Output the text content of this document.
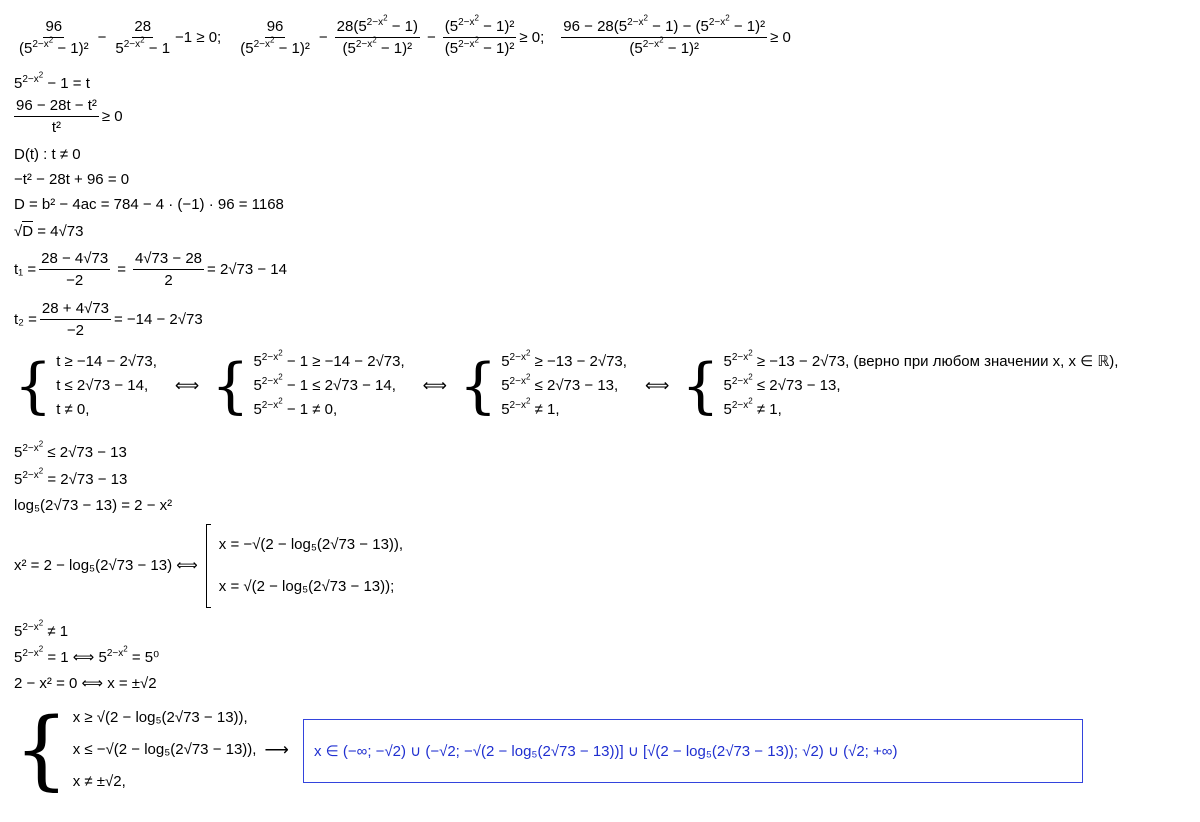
$\frac{96}{(5^{2-x^2} - 1)^2} - \frac{28}{5^{2-x^2} - 1} -1 \ge 0$; $\frac{96}{(5^{2-x^2} - 1)^2} - \frac{28(5^{2-x^2} - 1)}{(5^{2-x^2} - 1)^2} - \frac{(5^{2-x^2} - 1)^2}{(5^{2-x^2} - 1)^2} \ge 0$; $\frac{96 - 28(5^{2-x^2} - 1) - (5^{2-x^2} - 1)^2}{(5^{2-x^2} - 1)^2} \ge 0$
$5^{2-x^2} - 1 = t$
$\frac{\text{96 − 28t − t²}}{\text{t²}} \ge 0$
D(t) : t ≠ 0
−t² − 28t + 96 = 0
D = b² − 4ac = 784 − 4 · (−1) · 96 = 1168
√D = 4√73
$t_1 = \frac{28 - 4√73}{-2} = \frac{4√73 - 28}{2} = 2√73 - 14$
$t_2 = \frac{28 + 4√73}{-2} = -14 - 2√73$
{ t ≥ −14 − 2√73,
t ≤ 2√73 − 14,
t ≠ 0,
⟺ { $5^{2-x^2} - 1 \ge -14 - 2√73$,
$5^{2-x^2} - 1 \le 2√73 - 14$,
$5^{2-x^2} - 1 \ne 0$,
⟺ { $5^{2-x^2} \ge -13 - 2√73$,
$5^{2-x^2} \le 2√73 - 13$,
$5^{2-x^2} \ne 1$,
⟺ { $5^{2-x^2} \ge -13 - 2√73$, (верно при любом значении x, x ∈ ℝ),
$5^{2-x^2} \le 2√73 - 13$,
$5^{2-x^2} \ne 1$,
$5^{2-x^2} \le 2√73 - 13$
$5^{2-x^2} = 2√73 - 13$
log₅(2√73 − 13) = 2 − x²
x² = 2 − log₅(2√73 − 13) ⟺
x = −√(2 − log₅(2√73 − 13)),
x = √(2 − log₅(2√73 − 13));
$5^{2-x^2} \ne 1$
$5^{2-x^2} = 1$ ⟺ $5^{2-x^2} = 5^0$
2 − x² = 0 ⟺ x = ±√2
{ x ≥ √(2 − log₅(2√73 − 13)),
x ≤ −√(2 − log₅(2√73 − 13)),
x ≠ ±√2,
⟶ x ∈ (−∞; −√2) ∪ (−√2; −√(2 − log₅(2√73 − 13))] ∪ [√(2 − log₅(2√73 − 13)); √2) ∪ (√2; +∞)
